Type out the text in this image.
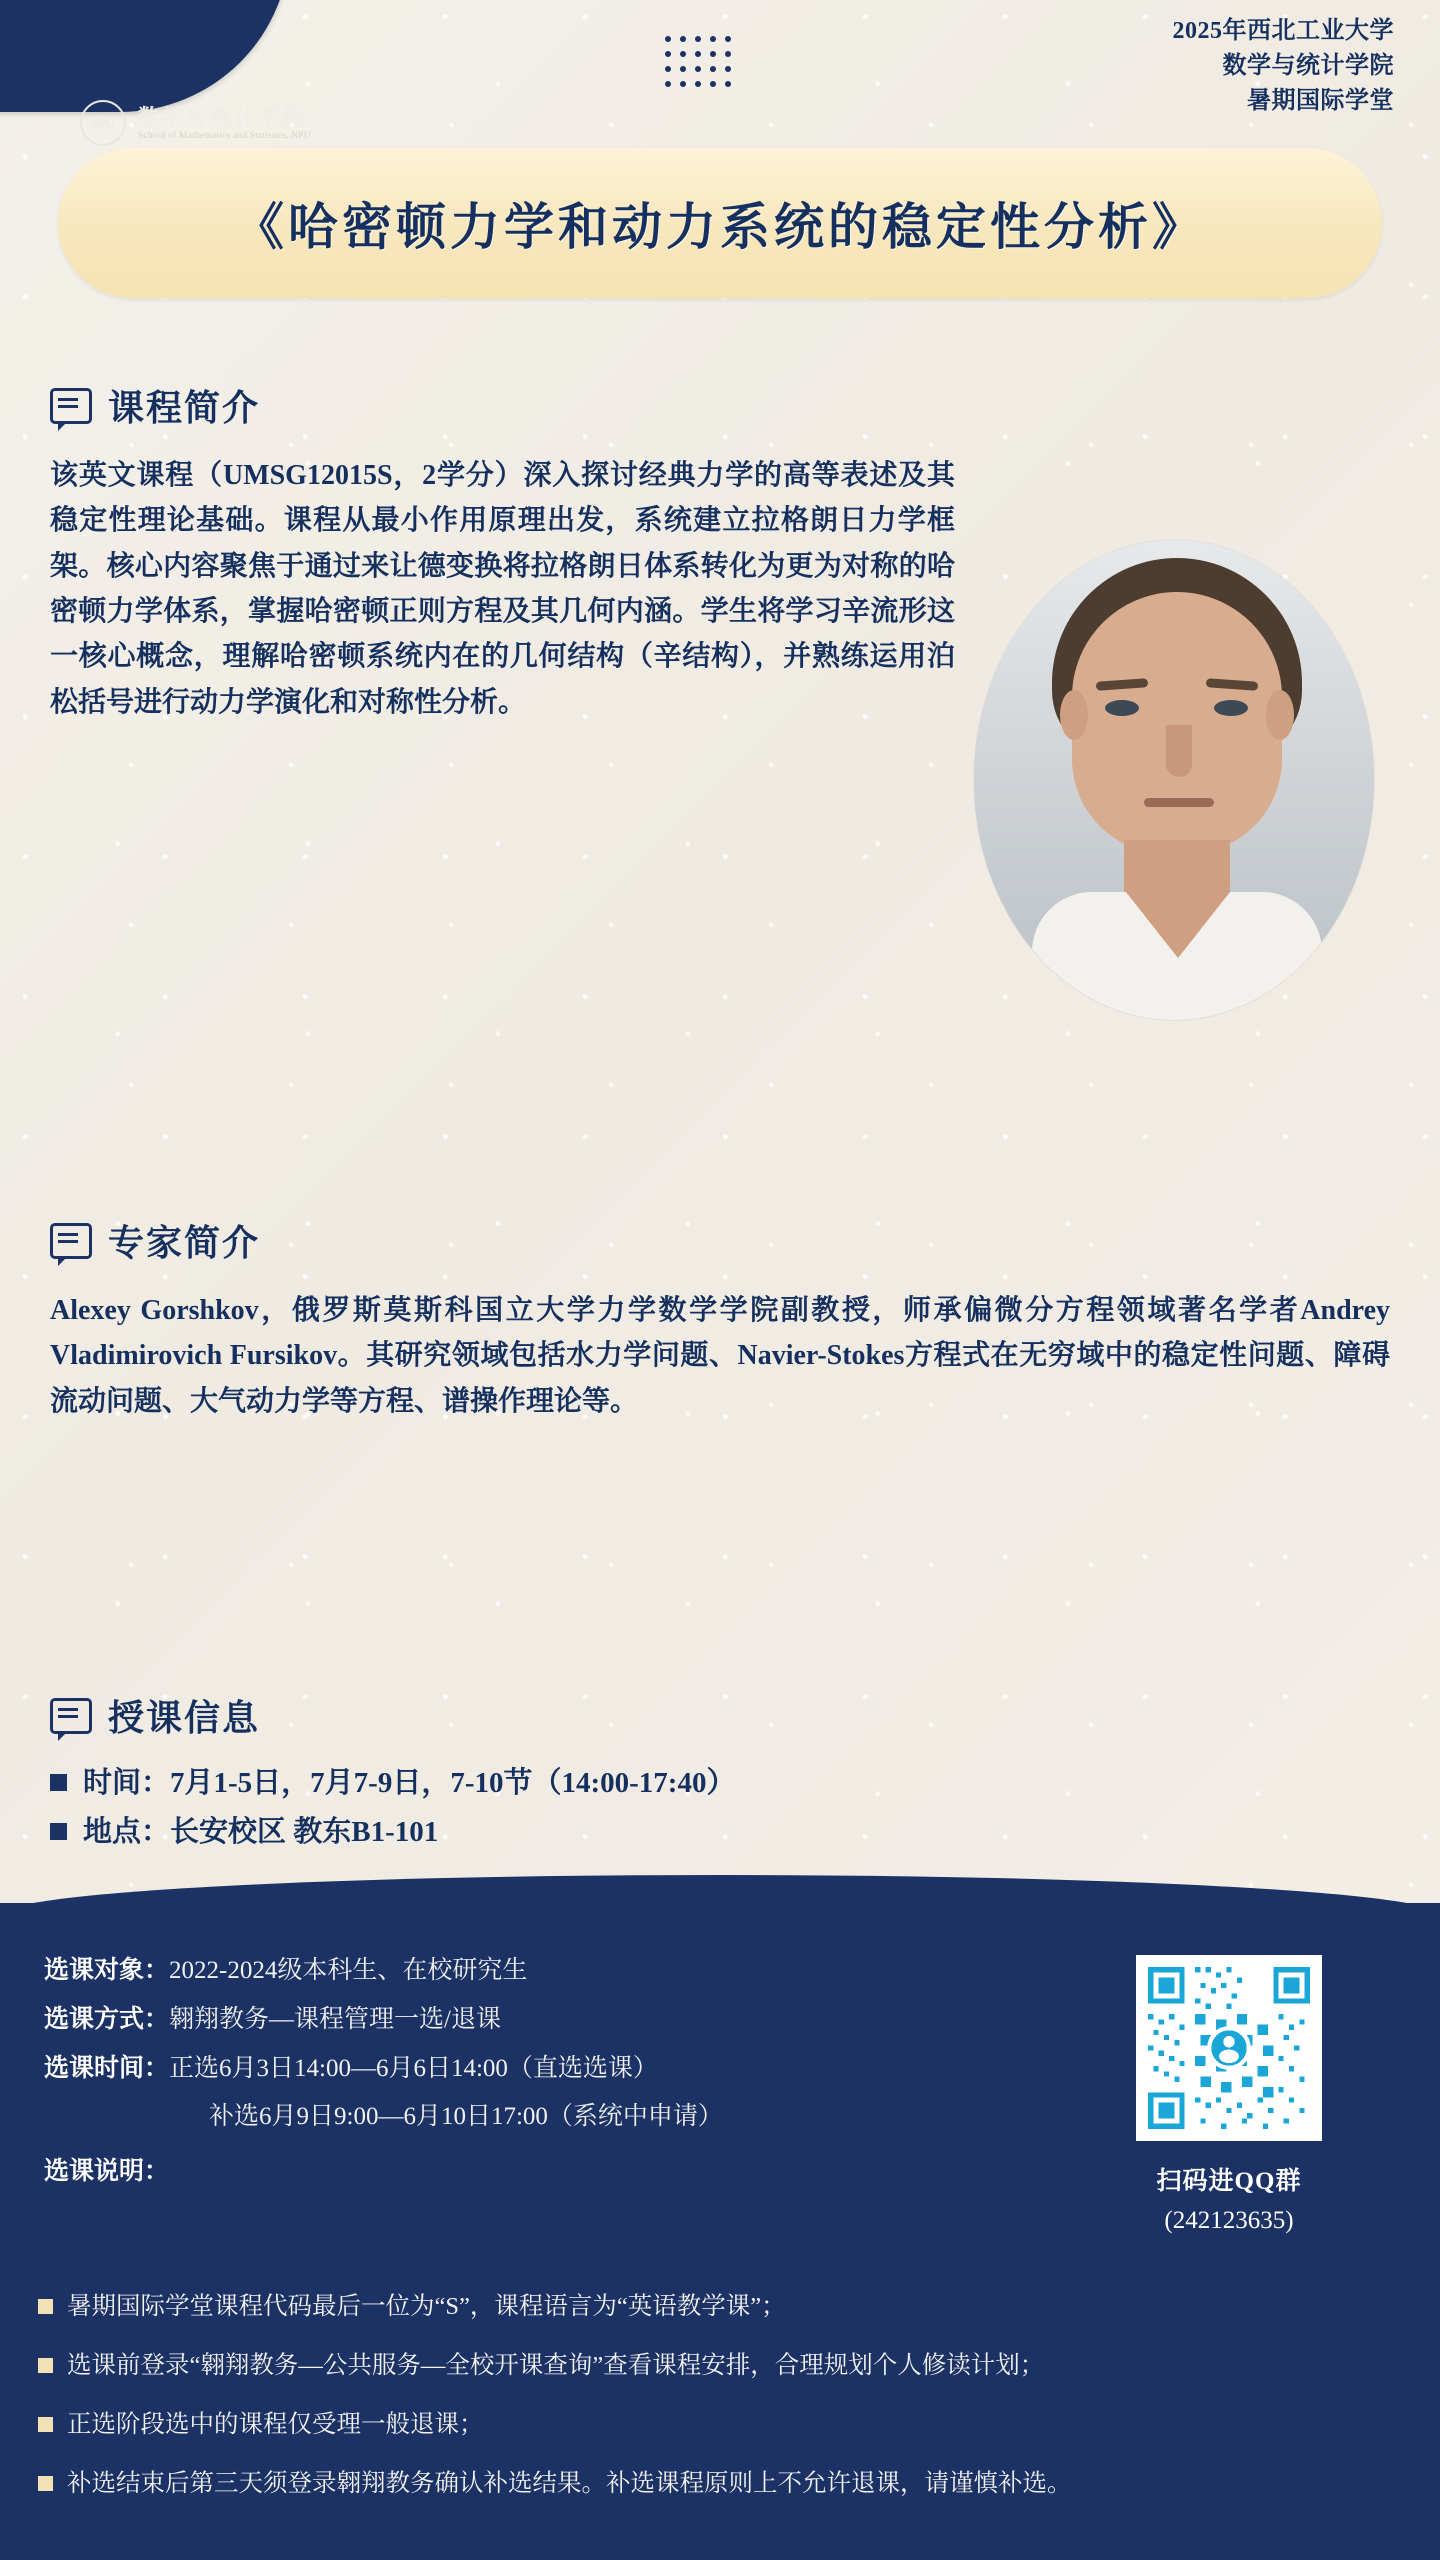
NPU	数学与统计学院
School of Mathematics and Statistics, NPU
2025年西北工业大学
数学与统计学院
暑期国际学堂
《哈密顿力学和动力系统的稳定性分析》
课程简介
该英文课程（UMSG12015S，2学分）深入探讨经典力学的高等表述及其稳定性理论基础。课程从最小作用原理出发，系统建立拉格朗日力学框架。核心内容聚焦于通过来让德变换将拉格朗日体系转化为更为对称的哈密顿力学体系，掌握哈密顿正则方程及其几何内涵。学生将学习辛流形这一核心概念，理解哈密顿系统内在的几何结构（辛结构），并熟练运用泊松括号进行动力学演化和对称性分析。
专家简介
Alexey Gorshkov，俄罗斯莫斯科国立大学力学数学学院副教授，师承偏微分方程领域著名学者Andrey Vladimirovich Fursikov。其研究领域包括水力学问题、Navier-Stokes方程式在无穷域中的稳定性问题、障碍流动问题、大气动力学等方程、谱操作理论等。
授课信息
时间：7月1-5日，7月7-9日，7-10节（14:00-17:40）
地点：长安校区 教东B1-101
选课对象： 2022-2024级本科生、在校研究生
选课方式： 翱翔教务—课程管理一选/退课
选课时间： 正选6月3日14:00—6月6日14:00（直选选课）
补选6月9日9:00—6月10日17:00（系统中申请）
选课说明：	扫码进QQ群
(242123635)
暑期国际学堂课程代码最后一位为“S”，课程语言为“英语教学课”；
选课前登录“翱翔教务—公共服务—全校开课查询”查看课程安排，合理规划个人修读计划；
正选阶段选中的课程仅受理一般退课；
补选结束后第三天须登录翱翔教务确认补选结果。补选课程原则上不允许退课，请谨慎补选。
